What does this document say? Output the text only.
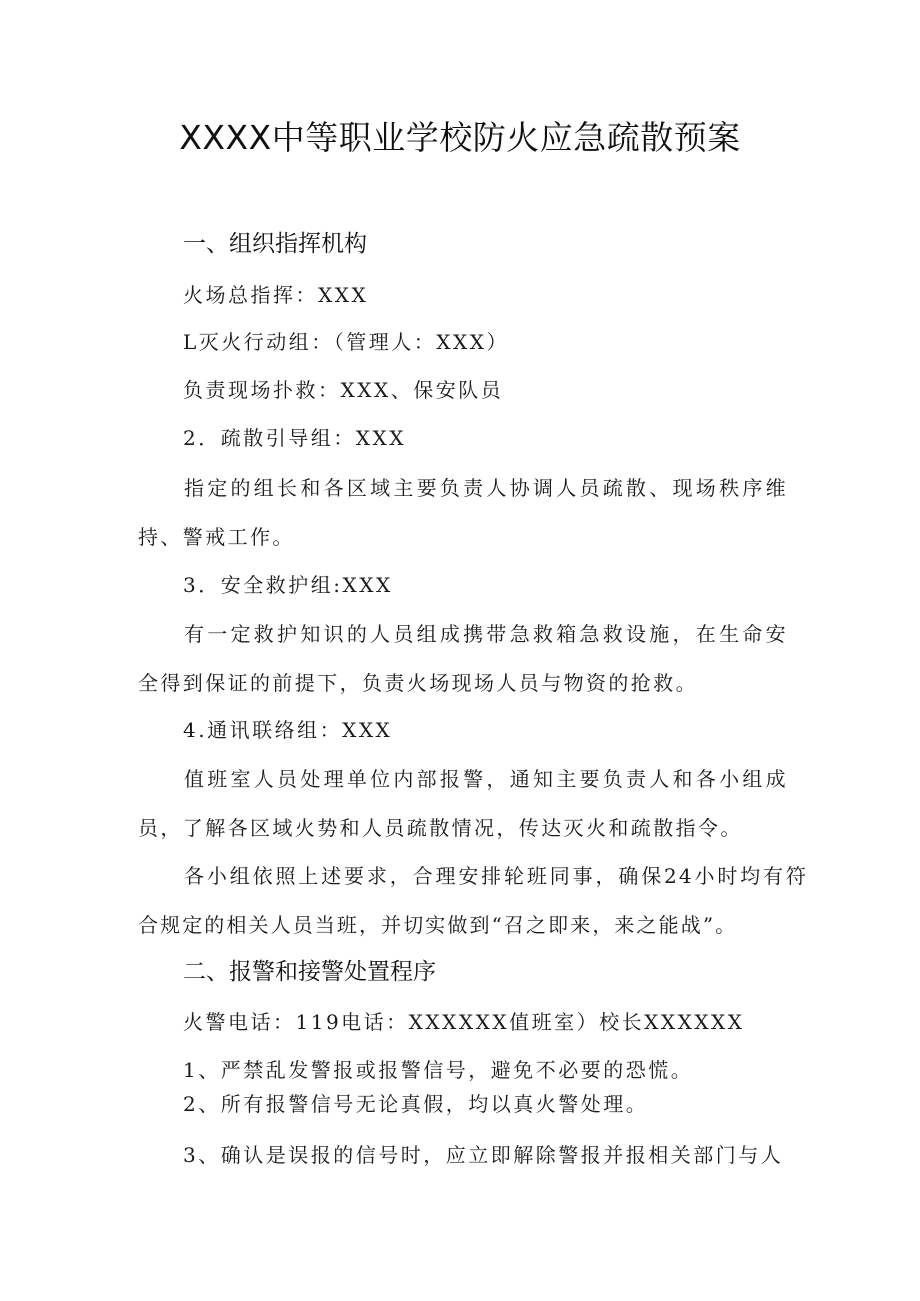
XXXX中等职业学校防火应急疏散预案
一、组织指挥机构
火场总指挥：XXX
L灭火行动组：（管理人：XXX）
负责现场扑救：XXX、保安队员
2．疏散引导组：XXX
指定的组长和各区域主要负责人协调人员疏散、现场秩序维持、警戒工作。
3．安全救护组:XXX
有一定救护知识的人员组成携带急救箱急救设施，在生命安全得到保证的前提下，负责火场现场人员与物资的抢救。
4.通讯联络组：XXX
值班室人员处理单位内部报警，通知主要负责人和各小组成员，了解各区域火势和人员疏散情况，传达灭火和疏散指令。
各小组依照上述要求，合理安排轮班同事，确保24小时均有符合规定的相关人员当班，并切实做到“召之即来，来之能战”。
二、报警和接警处置程序
火警电话：119电话：XXXXXX值班室）校长XXXXXX
1、严禁乱发警报或报警信号，避免不必要的恐慌。
2、所有报警信号无论真假，均以真火警处理。
3、确认是误报的信号时，应立即解除警报并报相关部门与人
